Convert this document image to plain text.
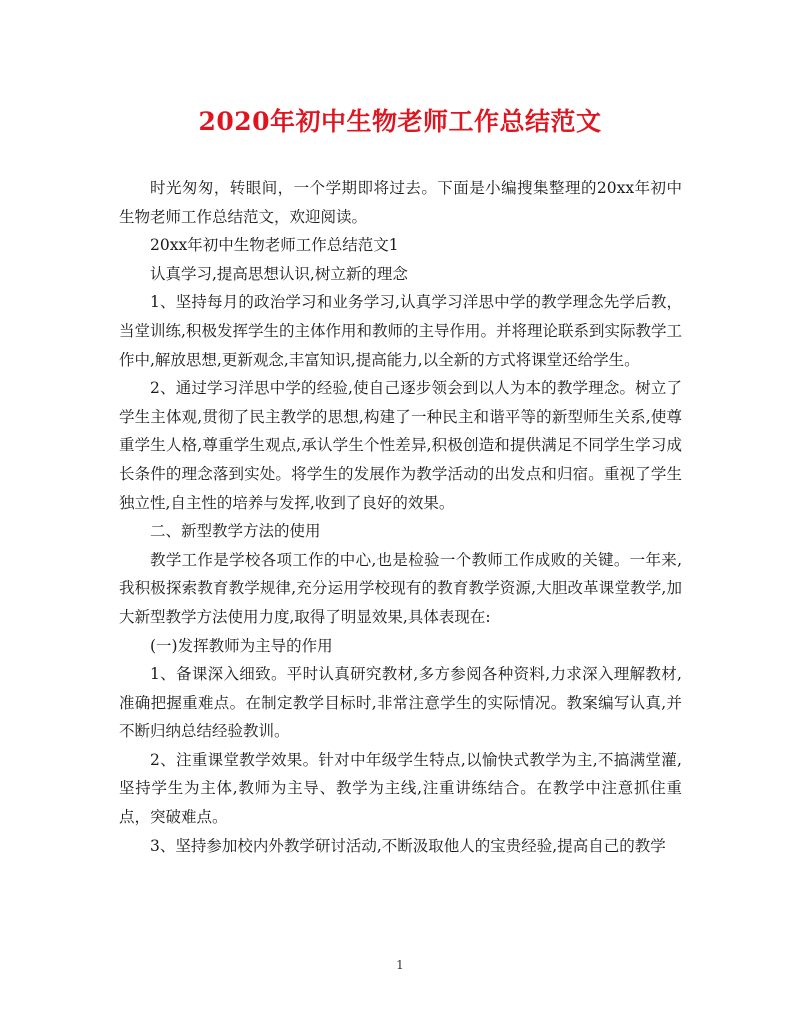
2020年初中生物老师工作总结范文

时光匆匆，转眼间，一个学期即将过去。下面是小编搜集整理的20xx年初中生物老师工作总结范文，欢迎阅读。

20xx年初中生物老师工作总结范文1

认真学习,提高思想认识,树立新的理念

1、坚持每月的政治学习和业务学习,认真学习洋思中学的教学理念先学后教，当堂训练,积极发挥学生的主体作用和教师的主导作用。并将理论联系到实际教学工作中,解放思想,更新观念,丰富知识,提高能力,以全新的方式将课堂还给学生。

2、通过学习洋思中学的经验,使自己逐步领会到以人为本的教学理念。树立了学生主体观,贯彻了民主教学的思想,构建了一种民主和谐平等的新型师生关系,使尊重学生人格,尊重学生观点,承认学生个性差异,积极创造和提供满足不同学生学习成长条件的理念落到实处。将学生的发展作为教学活动的出发点和归宿。重视了学生独立性,自主性的培养与发挥,收到了良好的效果。

二、新型教学方法的使用

教学工作是学校各项工作的中心,也是检验一个教师工作成败的关键。一年来,我积极探索教育教学规律,充分运用学校现有的教育教学资源,大胆改革课堂教学,加大新型教学方法使用力度,取得了明显效果,具体表现在:

(一)发挥教师为主导的作用

1、备课深入细致。平时认真研究教材,多方参阅各种资料,力求深入理解教材,准确把握重难点。在制定教学目标时,非常注意学生的实际情况。教案编写认真,并不断归纳总结经验教训。

2、注重课堂教学效果。针对中年级学生特点,以愉快式教学为主,不搞满堂灌,坚持学生为主体,教师为主导、教学为主线,注重讲练结合。在教学中注意抓住重点，突破难点。

3、坚持参加校内外教学研讨活动,不断汲取他人的宝贵经验,提高自己的教学

1
